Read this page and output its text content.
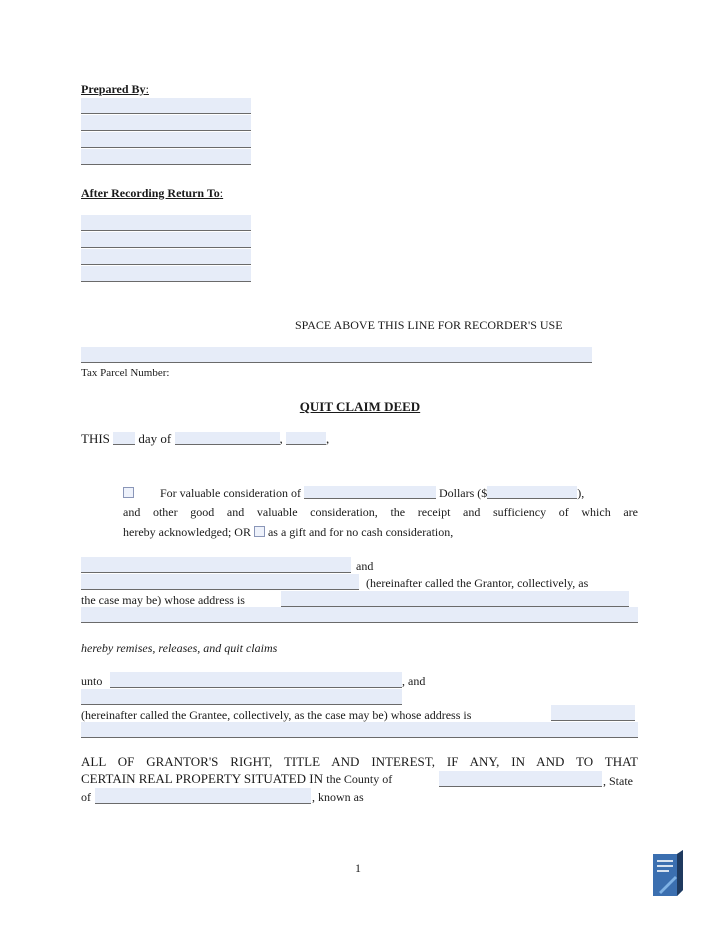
Prepared By:
After Recording Return To:
SPACE ABOVE THIS LINE FOR RECORDER'S USE
Tax Parcel Number:
QUIT CLAIM DEED
THIS day of	,	,
For valuable consideration of	Dollars ($	),
and other good and valuable consideration, the receipt and sufficiency of which are
hereby acknowledged; OR as a gift and for no cash consideration,
and
(hereinafter called the Grantor, collectively, as
the case may be) whose address is
hereby remises, releases, and quit claims
unto	, and
(hereinafter called the Grantee, collectively, as the case may be) whose address is
ALL OF GRANTOR'S RIGHT, TITLE AND INTEREST, IF ANY, IN AND TO THAT
CERTAIN REAL PROPERTY SITUATED IN the County of	, State
of	, known as
1
